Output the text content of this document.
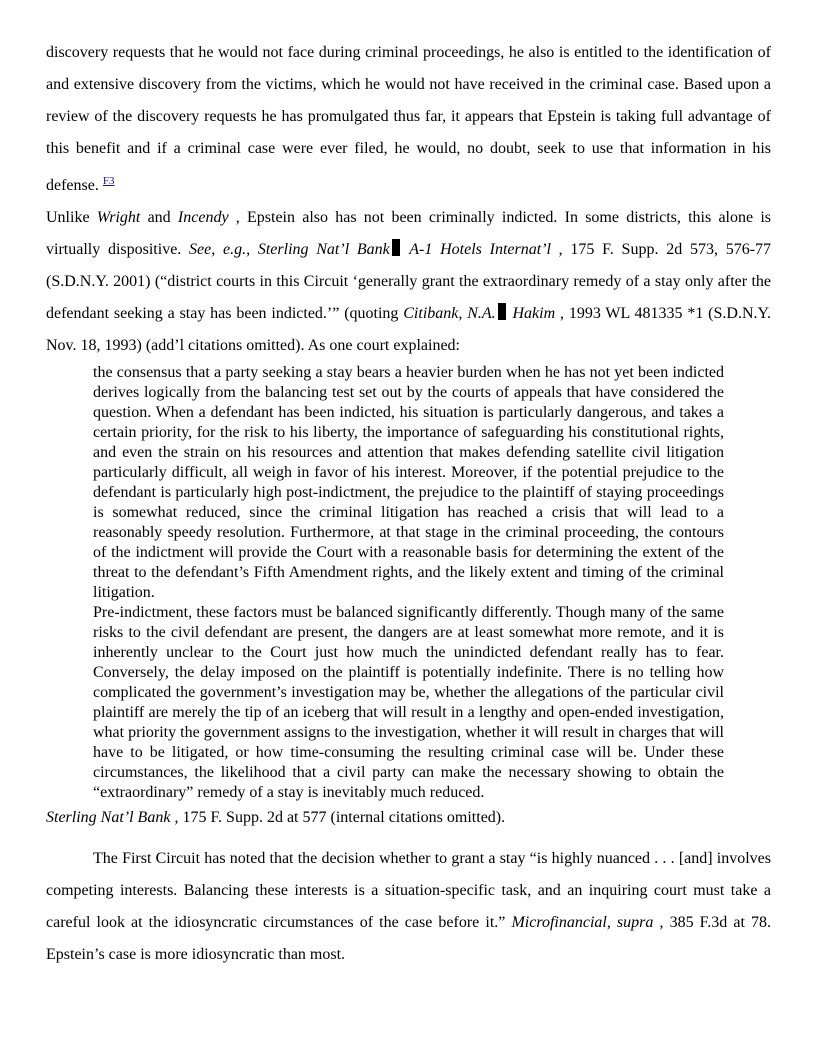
discovery requests that he would not face during criminal proceedings, he also is entitled to the identification of and extensive discovery from the victims, which he would not have received in the criminal case. Based upon a review of the discovery requests he has promulgated thus far, it appears that Epstein is taking full advantage of this benefit and if a criminal case were ever filed, he would, no doubt, seek to use that information in his defense. $^{F3}$

Unlike Wright and Incendy , Epstein also has not been criminally indicted. In some districts, this alone is virtually dispositive. See, e.g., Sterling Nat’l Bank A-1 Hotels Internat’l , 175 F. Supp. 2d 573, 576-77 (S.D.N.Y. 2001) (“district courts in this Circuit ‘generally grant the extraordinary remedy of a stay only after the defendant seeking a stay has been indicted.’” (quoting Citibank, N.A. Hakim , 1993 WL 481335 *1 (S.D.N.Y. Nov. 18, 1993) (add’l citations omitted). As one court explained:

the consensus that a party seeking a stay bears a heavier burden when he has not yet been indicted derives logically from the balancing test set out by the courts of appeals that have considered the question. When a defendant has been indicted, his situation is particularly dangerous, and takes a certain priority, for the risk to his liberty, the importance of safeguarding his constitutional rights, and even the strain on his resources and attention that makes defending satellite civil litigation particularly difficult, all weigh in favor of his interest. Moreover, if the potential prejudice to the defendant is particularly high post-indictment, the prejudice to the plaintiff of staying proceedings is somewhat reduced, since the criminal litigation has reached a crisis that will lead to a reasonably speedy resolution. Furthermore, at that stage in the criminal proceeding, the contours of the indictment will provide the Court with a reasonable basis for determining the extent of the threat to the defendant’s Fifth Amendment rights, and the likely extent and timing of the criminal litigation.

Pre-indictment, these factors must be balanced significantly differently. Though many of the same risks to the civil defendant are present, the dangers are at least somewhat more remote, and it is inherently unclear to the Court just how much the unindicted defendant really has to fear. Conversely, the delay imposed on the plaintiff is potentially indefinite. There is no telling how complicated the government’s investigation may be, whether the allegations of the particular civil plaintiff are merely the tip of an iceberg that will result in a lengthy and open-ended investigation, what priority the government assigns to the investigation, whether it will result in charges that will have to be litigated, or how time-consuming the resulting criminal case will be. Under these circumstances, the likelihood that a civil party can make the necessary showing to obtain the “extraordinary” remedy of a stay is inevitably much reduced.

Sterling Nat’l Bank , 175 F. Supp. 2d at 577 (internal citations omitted).

The First Circuit has noted that the decision whether to grant a stay “is highly nuanced . . . [and] involves competing interests. Balancing these interests is a situation-specific task, and an inquiring court must take a careful look at the idiosyncratic circumstances of the case before it.” Microfinancial, supra , 385 F.3d at 78. Epstein’s case is more idiosyncratic than most.
